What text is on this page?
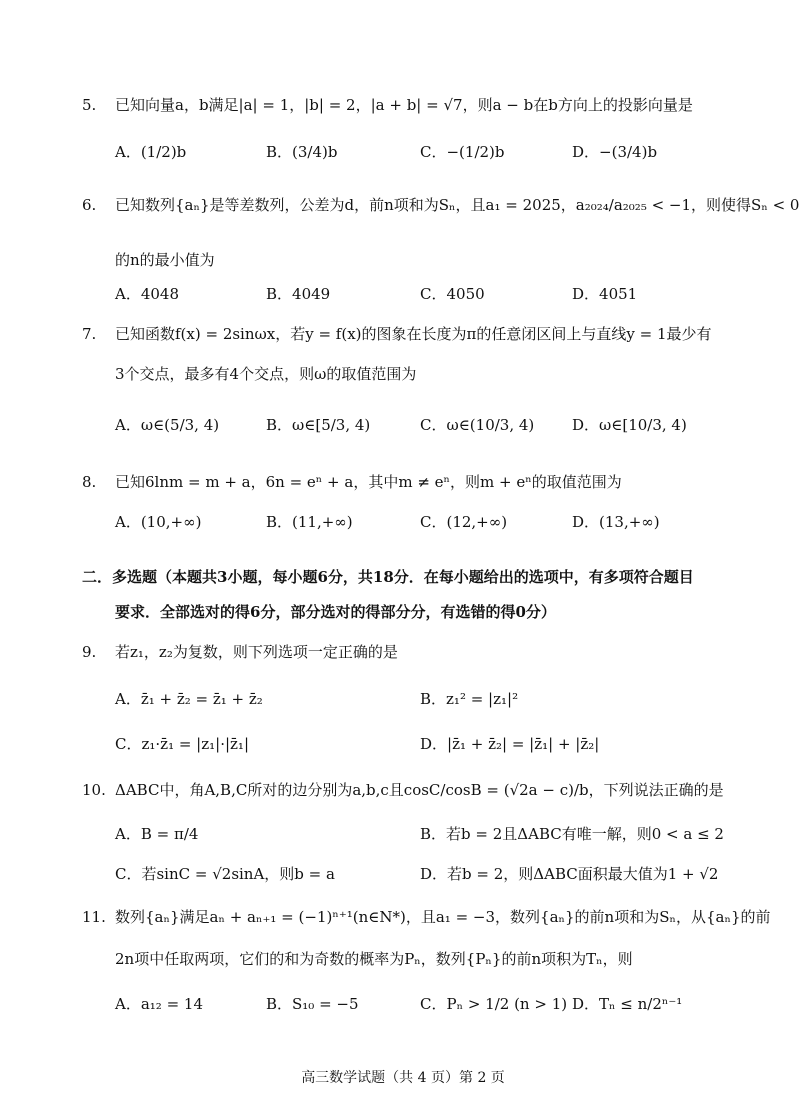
5. 已知向量a，b满足|a| = 1，|b| = 2，|a + b| = √7，则a − b在b方向上的投影向量是
A．(1/2)b	B．(3/4)b	C．−(1/2)b	D．−(3/4)b
6. 已知数列{aₙ}是等差数列，公差为d，前n项和为Sₙ，且a₁ = 2025，a₂₀₂₄/a₂₀₂₅ < −1，则使得Sₙ < 0
的n的最小值为
A．4048	B．4049	C．4050	D．4051
7. 已知函数f(x) = 2sinωx，若y = f(x)的图象在长度为π的任意闭区间上与直线y = 1最少有
3个交点，最多有4个交点，则ω的取值范围为
A．ω∈(5/3, 4)	B．ω∈[5/3, 4)	C．ω∈(10/3, 4)	D．ω∈[10/3, 4)
8. 已知6lnm = m + a，6n = eⁿ + a，其中m ≠ eⁿ，则m + eⁿ的取值范围为
A．(10,+∞)	B．(11,+∞)	C．(12,+∞)	D．(13,+∞)
二．多选题（本题共3小题，每小题6分，共18分．在每小题给出的选项中，有多项符合题目
要求．全部选对的得6分，部分选对的得部分分，有选错的得0分）
9. 若z₁，z₂为复数，则下列选项一定正确的是
A．z̄₁ + z̄₂ = z̄₁ + z̄₂	B．z₁² = |z₁|²
C．z₁·z̄₁ = |z₁|·|z̄₁|	D．|z̄₁ + z̄₂| = |z̄₁| + |z̄₂|
10. ΔABC中，角A,B,C所对的边分别为a,b,c且cosC/cosB = (√2a − c)/b，下列说法正确的是
A．B = π/4	B．若b = 2且ΔABC有唯一解，则0 < a ≤ 2
C．若sinC = √2sinA，则b = a	D．若b = 2，则ΔABC面积最大值为1 + √2
11. 数列{aₙ}满足aₙ + aₙ₊₁ = (−1)ⁿ⁺¹(n∈N*)，且a₁ = −3，数列{aₙ}的前n项和为Sₙ，从{aₙ}的前
2n项中任取两项，它们的和为奇数的概率为Pₙ，数列{Pₙ}的前n项积为Tₙ，则
A．a₁₂ = 14	B．S₁₀ = −5	C．Pₙ > 1/2 (n > 1) D．Tₙ ≤ n/2ⁿ⁻¹
高三数学试题（共 4 页）第 2 页
